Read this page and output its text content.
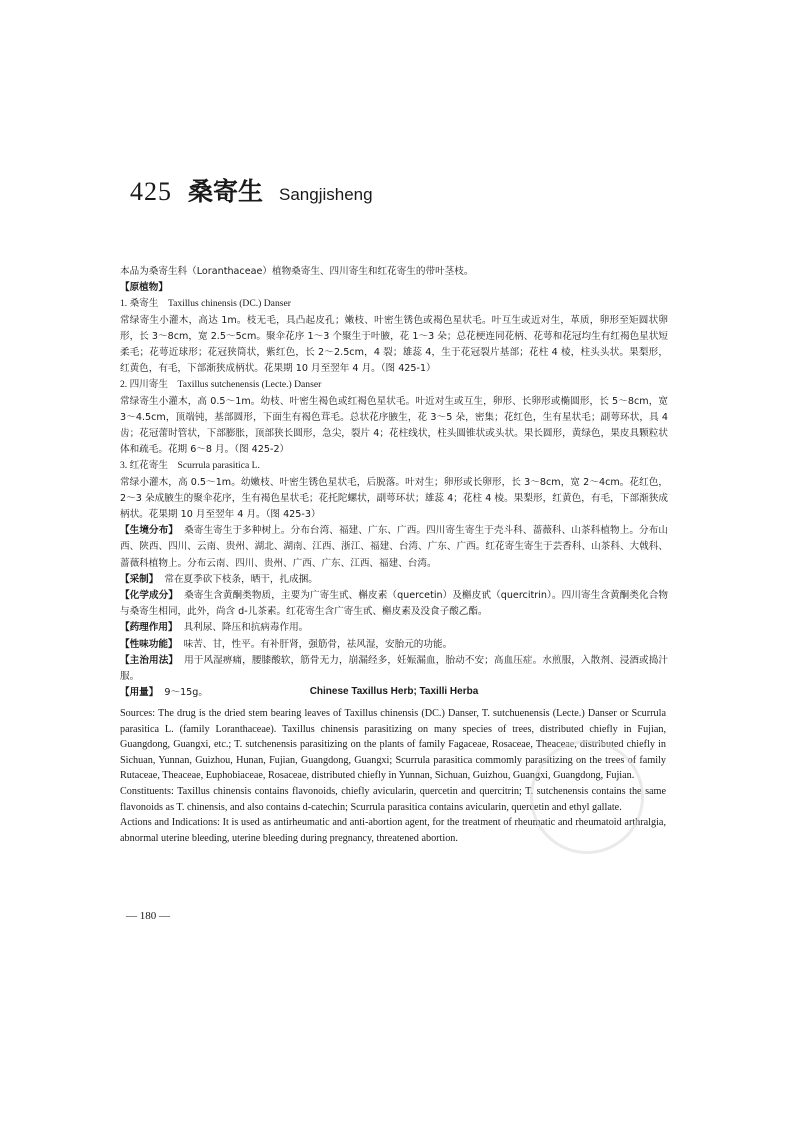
425 桑寄生 Sangjisheng

本品为桑寄生科（Loranthaceae）植物桑寄生、四川寄生和红花寄生的带叶茎枝。

【原植物】

1. 桑寄生　Taxillus chinensis (DC.) Danser

常绿寄生小灌木，高达 1m。枝无毛，具凸起皮孔；嫩枝、叶密生锈色或褐色星状毛。叶互生或近对生，革质，卵形至矩圆状卵形，长 3～8cm，宽 2.5～5cm。聚伞花序 1～3 个聚生于叶腋，花 1～3 朵；总花梗连同花柄、花萼和花冠均生有红褐色星状短柔毛；花萼近球形；花冠狭筒状，紫红色，长 2～2.5cm，4 裂；雄蕊 4，生于花冠裂片基部；花柱 4 棱，柱头头状。果梨形，红黄色，有毛，下部渐狭成柄状。花果期 10 月至翌年 4 月。（图 425-1）

2. 四川寄生　Taxillus sutchenensis (Lecte.) Danser

常绿寄生小灌木，高 0.5～1m。幼枝、叶密生褐色或红褐色星状毛。叶近对生或互生，卵形、长卵形或椭圆形，长 5～8cm，宽 3～4.5cm，顶端钝，基部圆形，下面生有褐色茸毛。总状花序腋生，花 3～5 朵，密集；花红色，生有星状毛；副萼环状，具 4 齿；花冠蕾时管状，下部膨胀，顶部狭长圆形，急尖，裂片 4；花柱线状，柱头圆锥状或头状。果长圆形，黄绿色，果皮具颗粒状体和疏毛。花期 6～8 月。（图 425-2）

3. 红花寄生　Scurrula parasitica L.

常绿小灌木，高 0.5～1m。幼嫩枝、叶密生锈色星状毛，后脱落。叶对生；卵形或长卵形，长 3～8cm，宽 2～4cm。花红色，2～3 朵成腋生的聚伞花序，生有褐色星状毛；花托陀螺状，副萼环状；雄蕊 4；花柱 4 棱。果梨形，红黄色，有毛，下部渐狭成柄状。花果期 10 月至翌年 4 月。（图 425-3）

【生境分布】 桑寄生寄生于多种树上。分布台湾、福建、广东、广西。四川寄生寄生于壳斗科、蔷薇科、山茶科植物上。分布山西、陕西、四川、云南、贵州、湖北、湖南、江西、浙江、福建、台湾、广东、广西。红花寄生寄生于芸香科、山茶科、大戟科、蔷薇科植物上。分布云南、四川、贵州、广西、广东、江西、福建、台湾。

【采制】 常在夏季砍下枝条，晒干，扎成捆。

【化学成分】 桑寄生含黄酮类物质，主要为广寄生甙、槲皮素（quercetin）及槲皮甙（quercitrin）。四川寄生含黄酮类化合物与桑寄生相同，此外，尚含 d-儿茶素。红花寄生含广寄生甙、槲皮素及没食子酸乙酯。

【药理作用】 具利尿、降压和抗病毒作用。

【性味功能】 味苦、甘，性平。有补肝肾，强筋骨，祛风湿，安胎元的功能。

【主治用法】 用于风湿痹痛，腰膝酸软，筋骨无力，崩漏经多，妊娠漏血，胎动不安；高血压症。水煎服，入散剂、浸酒或捣汁服。

【用量】 9～15g。	Chinese Taxillus Herb; Taxilli Herba

Sources: The drug is the dried stem bearing leaves of Taxillus chinensis (DC.) Danser, T. sutchuenensis (Lecte.) Danser or Scurrula parasitica L. (family Loranthaceae). Taxillus chinensis parasitizing on many species of trees, distributed chiefly in Fujian, Guangdong, Guangxi, etc.; T. sutchenensis parasitizing on the plants of family Fagaceae, Rosaceae, Theaceae, distributed chiefly in Sichuan, Yunnan, Guizhou, Hunan, Fujian, Guangdong, Guangxi; Scurrula parasitica commomly parasitizing on the trees of family Rutaceae, Theaceae, Euphobiaceae, Rosaceae, distributed chiefly in Yunnan, Sichuan, Guizhou, Guangxi, Guangdong, Fujian.

Constituents: Taxillus chinensis contains flavonoids, chiefly avicularin, quercetin and quercitrin; T. sutchenensis contains the same flavonoids as T. chinensis, and also contains d-catechin; Scurrula parasitica contains avicularin, quercetin and ethyl gallate.

Actions and Indications: It is used as antirheumatic and anti-abortion agent, for the treatment of rheumatic and rheumatoid arthralgia, abnormal uterine bleeding, uterine bleeding during pregnancy, threatened abortion.

— 180 —
